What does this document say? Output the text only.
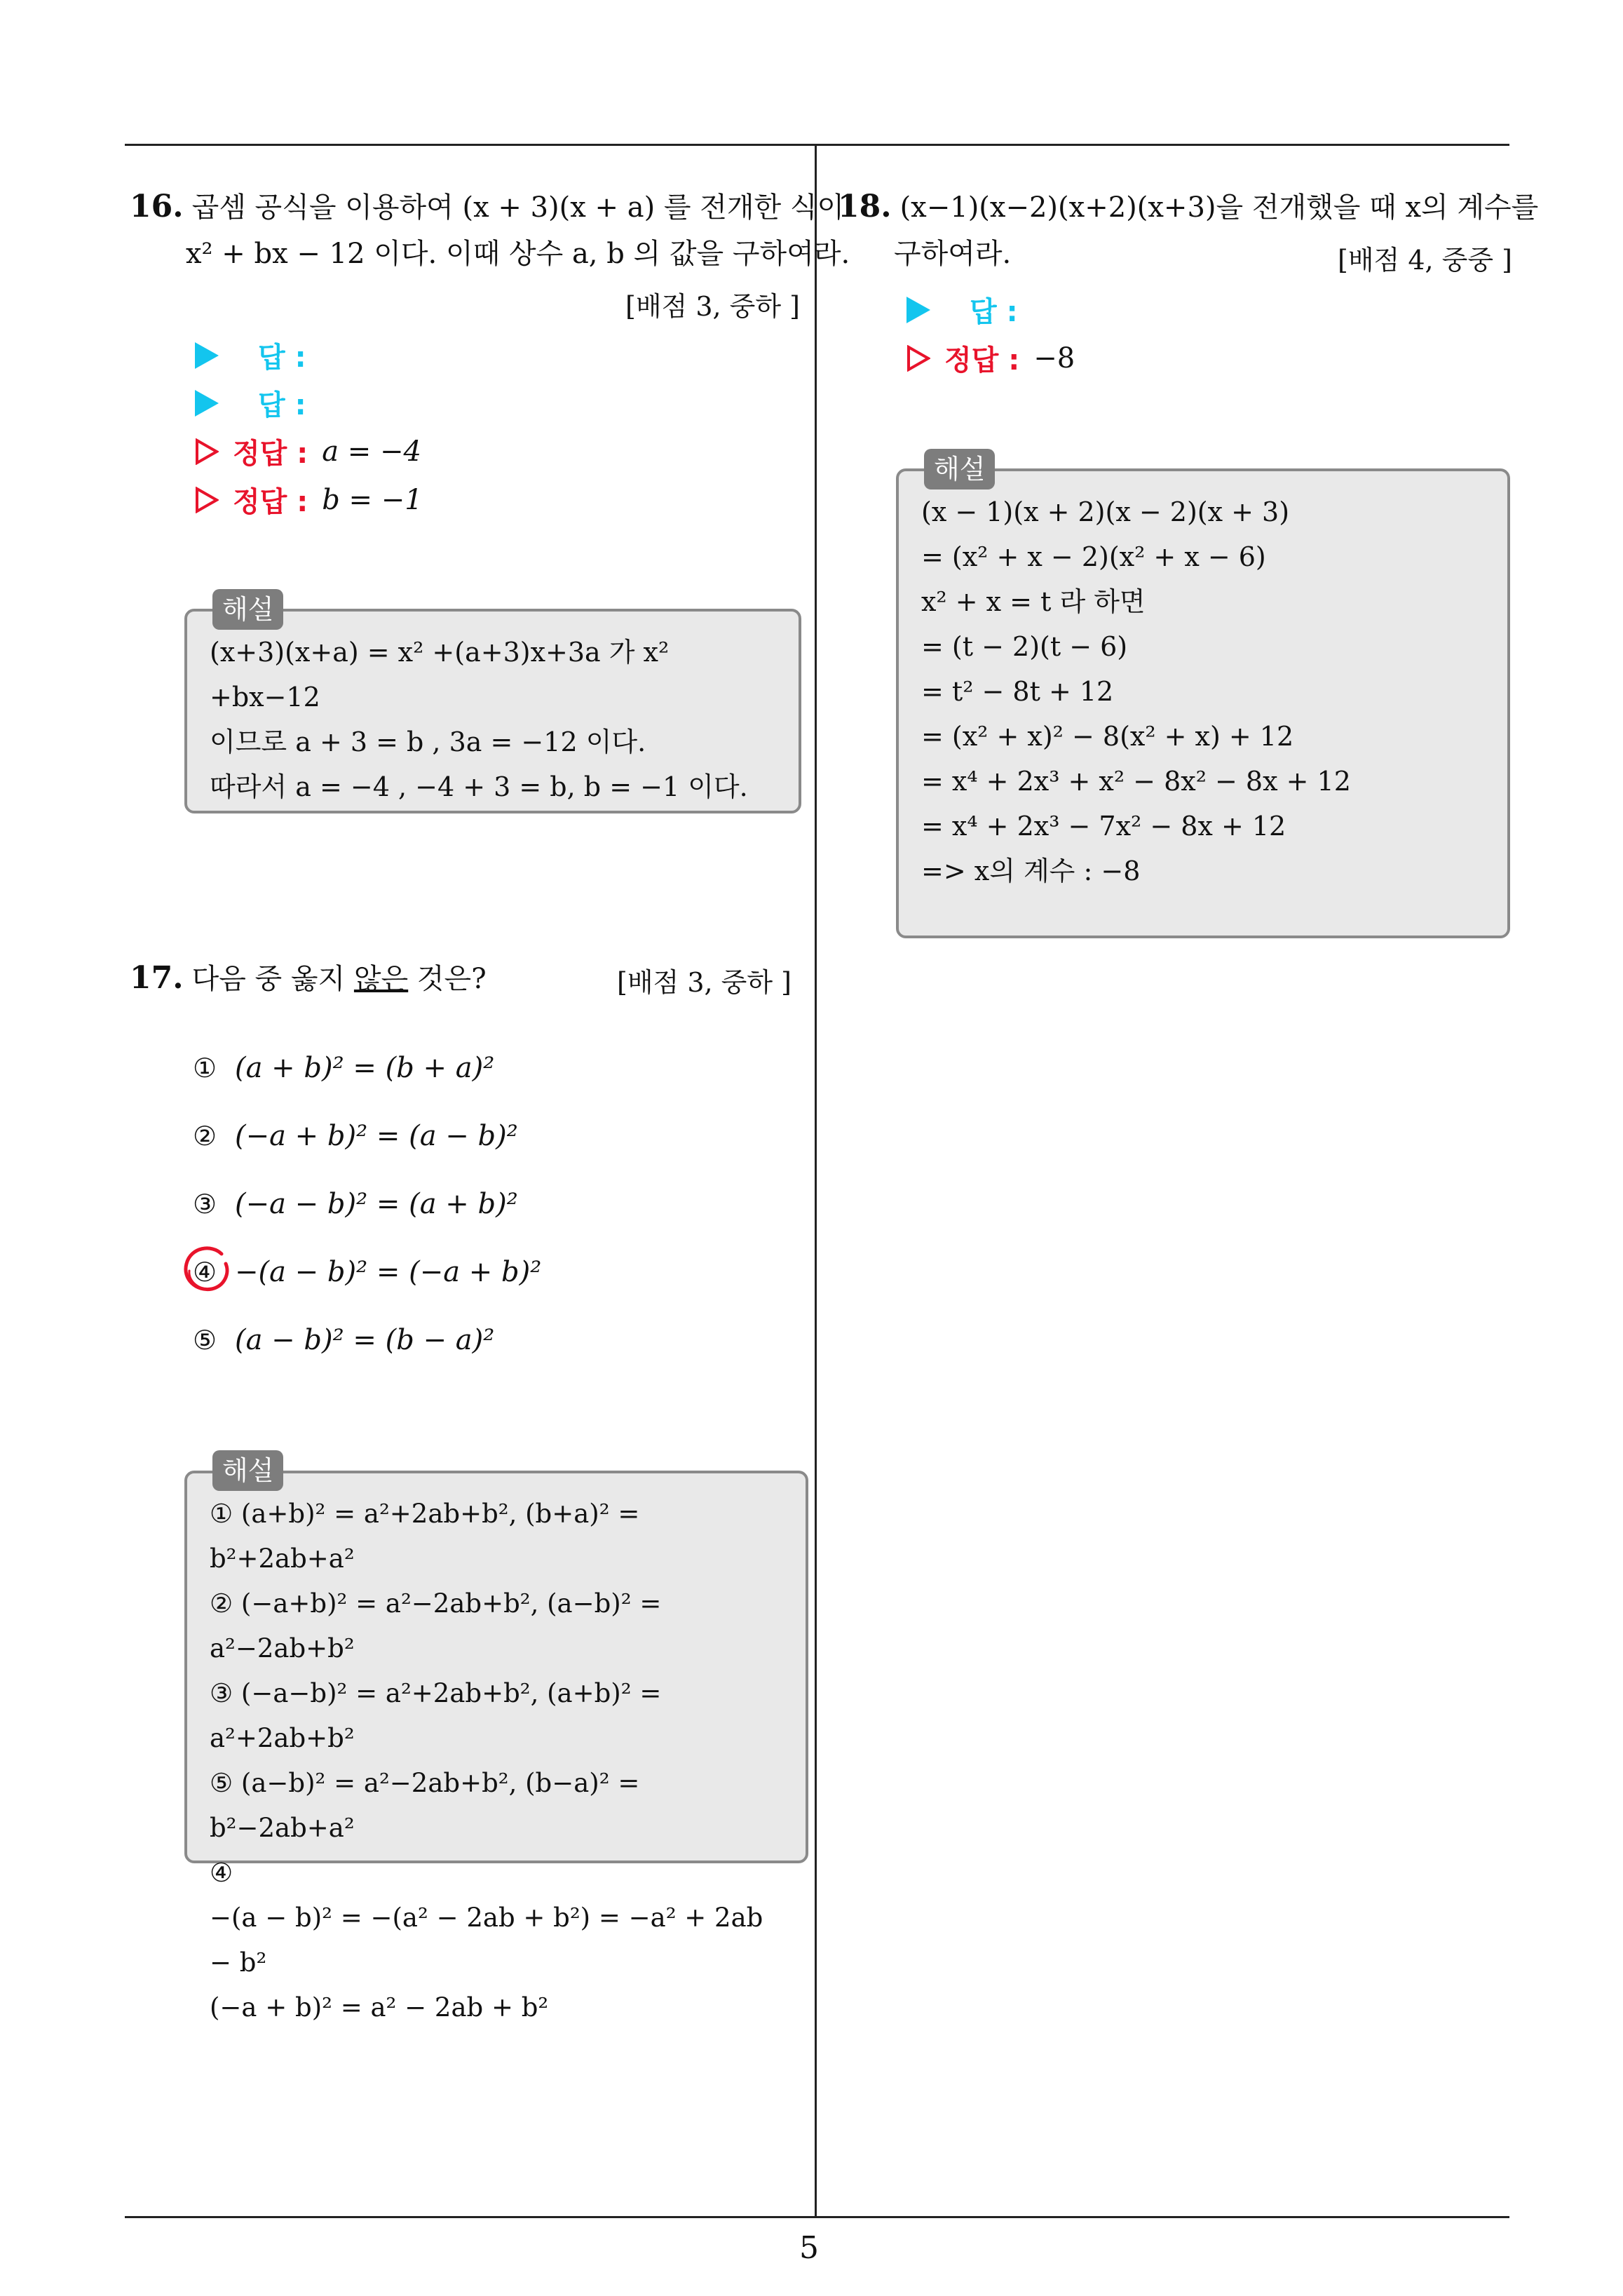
16. 곱셈 공식을 이용하여 (x + 3)(x + a) 를 전개한 식이
x² + bx − 12 이다. 이때 상수 a, b 의 값을 구하여라.
[배점 3, 중하 ]
답 :
답 :
정답 : a = −4
정답 : b = −1
(x+3)(x+a) = x² +(a+3)x+3a 가 x² +bx−12
이므로 a + 3 = b , 3a = −12 이다.
따라서 a = −4 , −4 + 3 = b, b = −1 이다.
해설
17. 다음 중 옳지 않은 것은?	[배점 3, 중하 ]
① (a + b)² = (b + a)²
② (−a + b)² = (a − b)²
③ (−a − b)² = (a + b)²
④ −(a − b)² = (−a + b)²
⑤ (a − b)² = (b − a)²
① (a+b)² = a²+2ab+b², (b+a)² = b²+2ab+a²
② (−a+b)² = a²−2ab+b², (a−b)² = a²−2ab+b²
③ (−a−b)² = a²+2ab+b², (a+b)² = a²+2ab+b²
⑤ (a−b)² = a²−2ab+b², (b−a)² = b²−2ab+a²
④
−(a − b)² = −(a² − 2ab + b²) = −a² + 2ab − b²
(−a + b)² = a² − 2ab + b²
해설
18. (x−1)(x−2)(x+2)(x+3)을 전개했을 때 x의 계수를
구하여라.	[배점 4, 중중 ]
답 :
정답 : −8
(x − 1)(x + 2)(x − 2)(x + 3)
= (x² + x − 2)(x² + x − 6)
x² + x = t 라 하면
= (t − 2)(t − 6)
= t² − 8t + 12
= (x² + x)² − 8(x² + x) + 12
= x⁴ + 2x³ + x² − 8x² − 8x + 12
= x⁴ + 2x³ − 7x² − 8x + 12
=> x의 계수 : −8
해설
5
